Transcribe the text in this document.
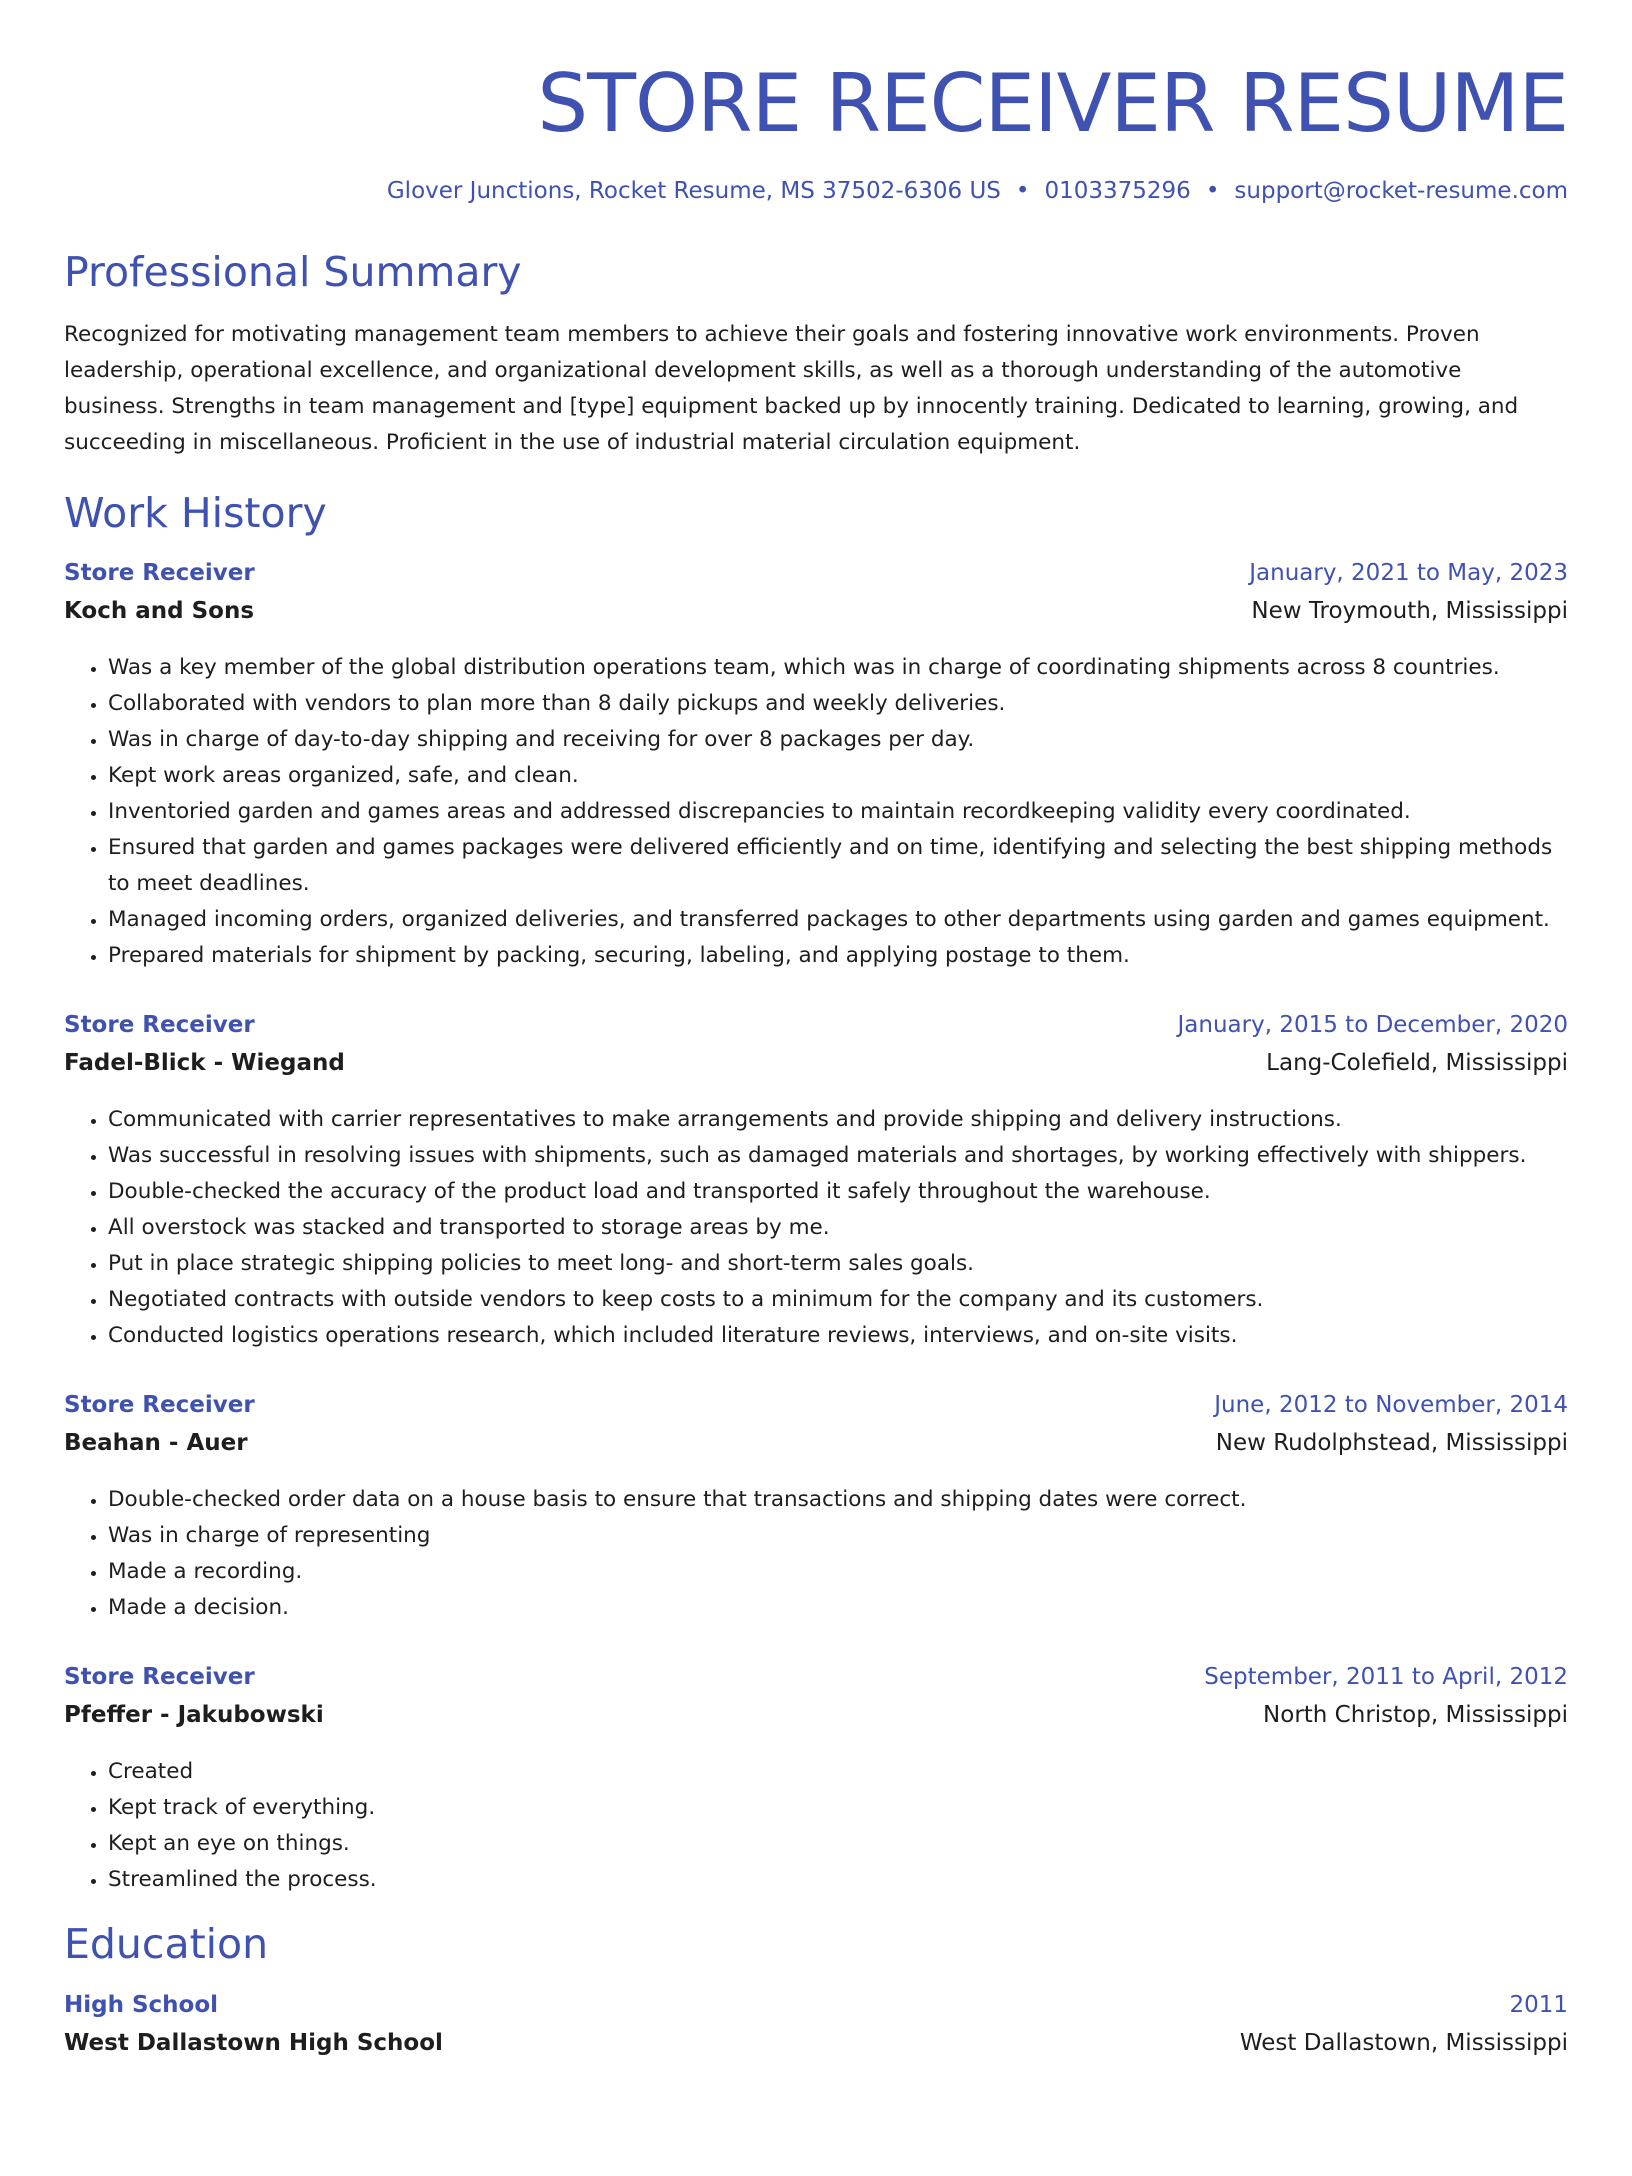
STORE RECEIVER RESUME
Glover Junctions, Rocket Resume, MS 37502-6306 US • 0103375296 • support@rocket-resume.com
Professional Summary
Recognized for motivating management team members to achieve their goals and fostering innovative work environments. Proven leadership, operational excellence, and organizational development skills, as well as a thorough understanding of the automotive business. Strengths in team management and [type] equipment backed up by innocently training. Dedicated to learning, growing, and succeeding in miscellaneous. Proficient in the use of industrial material circulation equipment.
Work History
Store Receiver	January, 2021 to May, 2023
Koch and Sons	New Troymouth, Mississippi
• Was a key member of the global distribution operations team, which was in charge of coordinating shipments across 8 countries.
• Collaborated with vendors to plan more than 8 daily pickups and weekly deliveries.
• Was in charge of day-to-day shipping and receiving for over 8 packages per day.
• Kept work areas organized, safe, and clean.
• Inventoried garden and games areas and addressed discrepancies to maintain recordkeeping validity every coordinated.
• Ensured that garden and games packages were delivered efficiently and on time, identifying and selecting the best shipping methods to meet deadlines.
• Managed incoming orders, organized deliveries, and transferred packages to other departments using garden and games equipment.
• Prepared materials for shipment by packing, securing, labeling, and applying postage to them.
Store Receiver	January, 2015 to December, 2020
Fadel-Blick - Wiegand	Lang-Colefield, Mississippi
• Communicated with carrier representatives to make arrangements and provide shipping and delivery instructions.
• Was successful in resolving issues with shipments, such as damaged materials and shortages, by working effectively with shippers.
• Double-checked the accuracy of the product load and transported it safely throughout the warehouse.
• All overstock was stacked and transported to storage areas by me.
• Put in place strategic shipping policies to meet long- and short-term sales goals.
• Negotiated contracts with outside vendors to keep costs to a minimum for the company and its customers.
• Conducted logistics operations research, which included literature reviews, interviews, and on-site visits.
Store Receiver	June, 2012 to November, 2014
Beahan - Auer	New Rudolphstead, Mississippi
• Double-checked order data on a house basis to ensure that transactions and shipping dates were correct.
• Was in charge of representing
• Made a recording.
• Made a decision.
Store Receiver	September, 2011 to April, 2012
Pfeffer - Jakubowski	North Christop, Mississippi
• Created
• Kept track of everything.
• Kept an eye on things.
• Streamlined the process.
Education
High School	2011
West Dallastown High School	West Dallastown, Mississippi
